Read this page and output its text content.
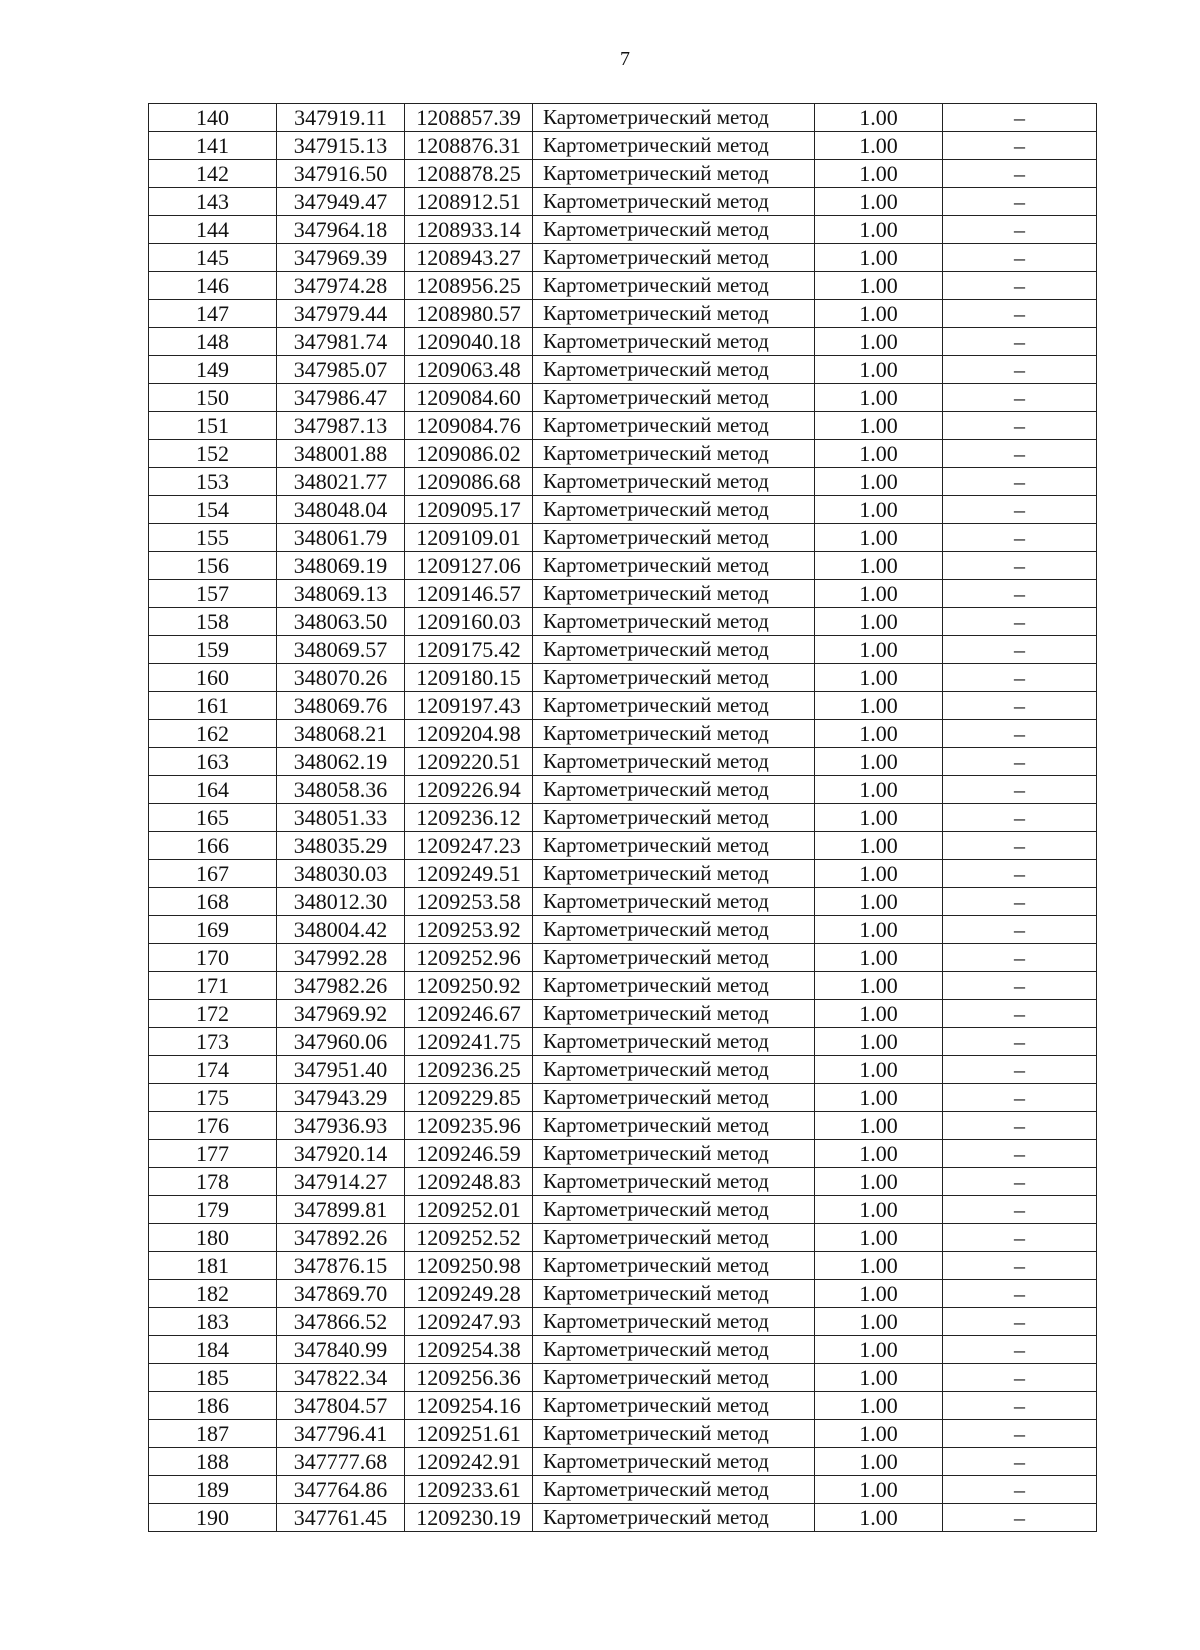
7
140	347919.11	1208857.39	Картометрический метод	1.00	–
141	347915.13	1208876.31	Картометрический метод	1.00	–
142	347916.50	1208878.25	Картометрический метод	1.00	–
143	347949.47	1208912.51	Картометрический метод	1.00	–
144	347964.18	1208933.14	Картометрический метод	1.00	–
145	347969.39	1208943.27	Картометрический метод	1.00	–
146	347974.28	1208956.25	Картометрический метод	1.00	–
147	347979.44	1208980.57	Картометрический метод	1.00	–
148	347981.74	1209040.18	Картометрический метод	1.00	–
149	347985.07	1209063.48	Картометрический метод	1.00	–
150	347986.47	1209084.60	Картометрический метод	1.00	–
151	347987.13	1209084.76	Картометрический метод	1.00	–
152	348001.88	1209086.02	Картометрический метод	1.00	–
153	348021.77	1209086.68	Картометрический метод	1.00	–
154	348048.04	1209095.17	Картометрический метод	1.00	–
155	348061.79	1209109.01	Картометрический метод	1.00	–
156	348069.19	1209127.06	Картометрический метод	1.00	–
157	348069.13	1209146.57	Картометрический метод	1.00	–
158	348063.50	1209160.03	Картометрический метод	1.00	–
159	348069.57	1209175.42	Картометрический метод	1.00	–
160	348070.26	1209180.15	Картометрический метод	1.00	–
161	348069.76	1209197.43	Картометрический метод	1.00	–
162	348068.21	1209204.98	Картометрический метод	1.00	–
163	348062.19	1209220.51	Картометрический метод	1.00	–
164	348058.36	1209226.94	Картометрический метод	1.00	–
165	348051.33	1209236.12	Картометрический метод	1.00	–
166	348035.29	1209247.23	Картометрический метод	1.00	–
167	348030.03	1209249.51	Картометрический метод	1.00	–
168	348012.30	1209253.58	Картометрический метод	1.00	–
169	348004.42	1209253.92	Картометрический метод	1.00	–
170	347992.28	1209252.96	Картометрический метод	1.00	–
171	347982.26	1209250.92	Картометрический метод	1.00	–
172	347969.92	1209246.67	Картометрический метод	1.00	–
173	347960.06	1209241.75	Картометрический метод	1.00	–
174	347951.40	1209236.25	Картометрический метод	1.00	–
175	347943.29	1209229.85	Картометрический метод	1.00	–
176	347936.93	1209235.96	Картометрический метод	1.00	–
177	347920.14	1209246.59	Картометрический метод	1.00	–
178	347914.27	1209248.83	Картометрический метод	1.00	–
179	347899.81	1209252.01	Картометрический метод	1.00	–
180	347892.26	1209252.52	Картометрический метод	1.00	–
181	347876.15	1209250.98	Картометрический метод	1.00	–
182	347869.70	1209249.28	Картометрический метод	1.00	–
183	347866.52	1209247.93	Картометрический метод	1.00	–
184	347840.99	1209254.38	Картометрический метод	1.00	–
185	347822.34	1209256.36	Картометрический метод	1.00	–
186	347804.57	1209254.16	Картометрический метод	1.00	–
187	347796.41	1209251.61	Картометрический метод	1.00	–
188	347777.68	1209242.91	Картометрический метод	1.00	–
189	347764.86	1209233.61	Картометрический метод	1.00	–
190	347761.45	1209230.19	Картометрический метод	1.00	–
